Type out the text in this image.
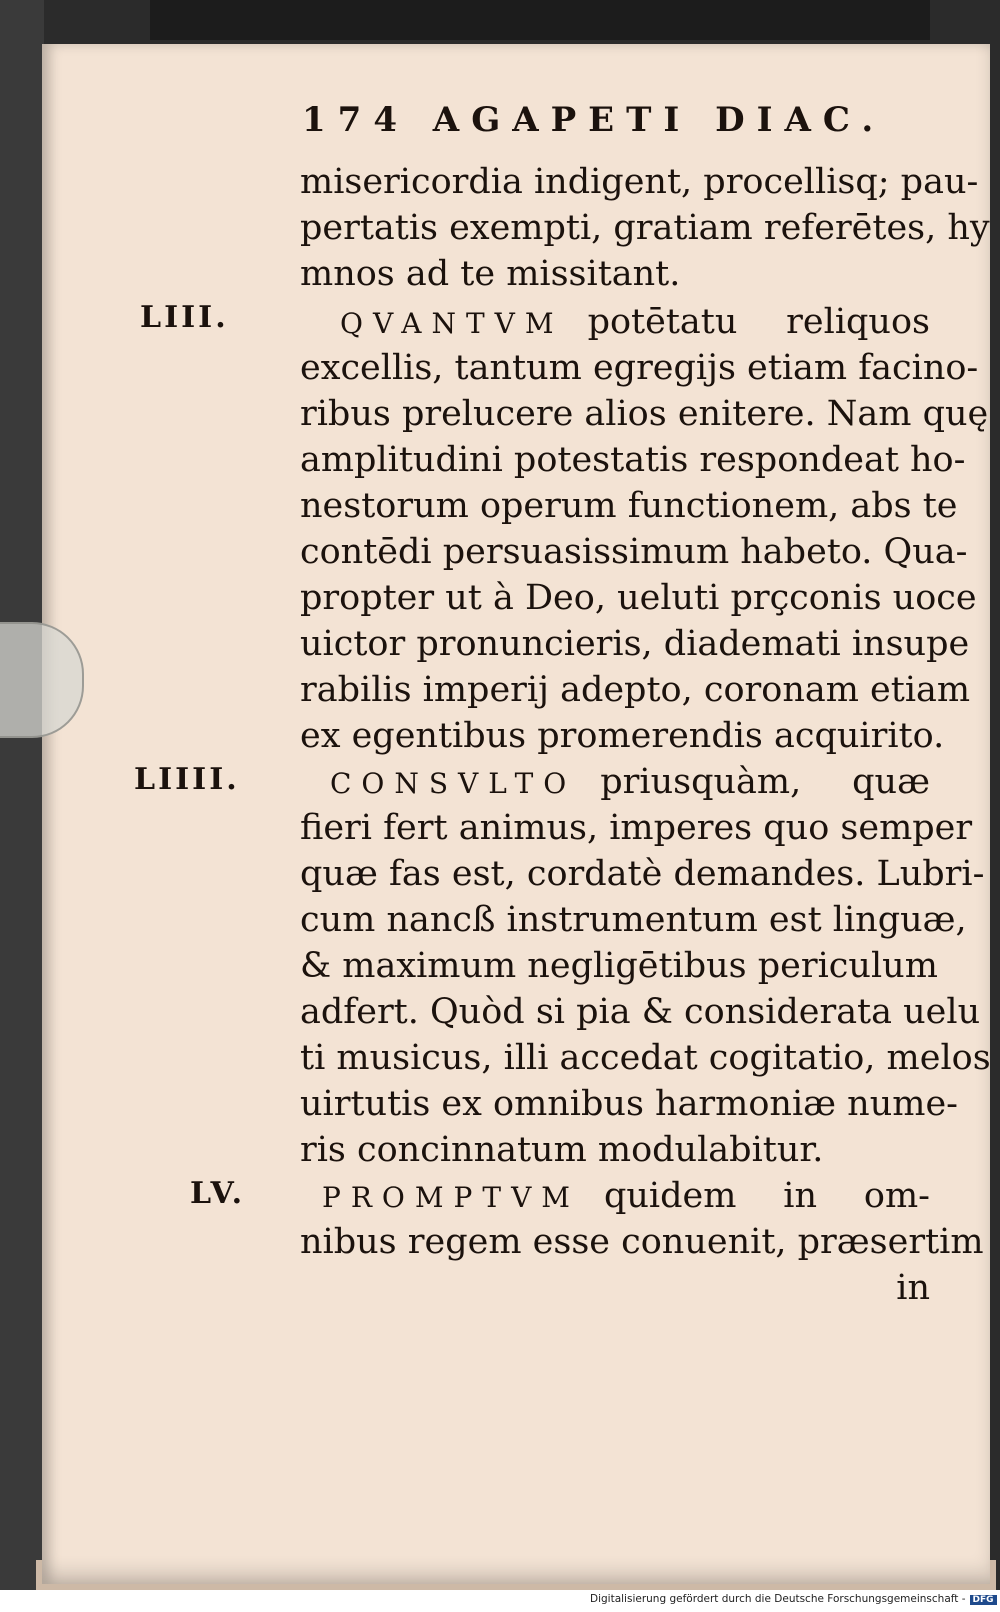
174 AGAPETI DIAC.
misericordia indigent, procellisq; pau-
pertatis exempti, gratiam referētes, hy
mnos ad te missitant.
LIII.	QVANTVM potētatu reliquos
excellis, tantum egregijs etiam facino-
ribus prelucere alios enitere. Nam quę
amplitudini potestatis respondeat ho-
nestorum operum functionem, abs te
contēdi persuasissimum habeto. Qua-
propter ut à Deo, ueluti prçconis uoce
uictor pronuncieris, diademati insupe
rabilis imperij adepto, coronam etiam
ex egentibus promerendis acquirito.
LIIII.	CONSVLTO priusquàm, quæ
fieri fert animus, imperes quo semper
quæ fas est, cordatè demandes. Lubri-
cum nancß instrumentum est linguæ,
& maximum negligētibus periculum
adfert. Quòd si pia & considerata uelu
ti musicus, illi accedat cogitatio, melos
uirtutis ex omnibus harmoniæ nume-
ris concinnatum modulabitur.
LV.	PROMPTVM quidem in om-
nibus regem esse conuenit, præsertim
in
Digitalisierung gefördert durch die Deutsche Forschungsgemeinschaft - DFG
